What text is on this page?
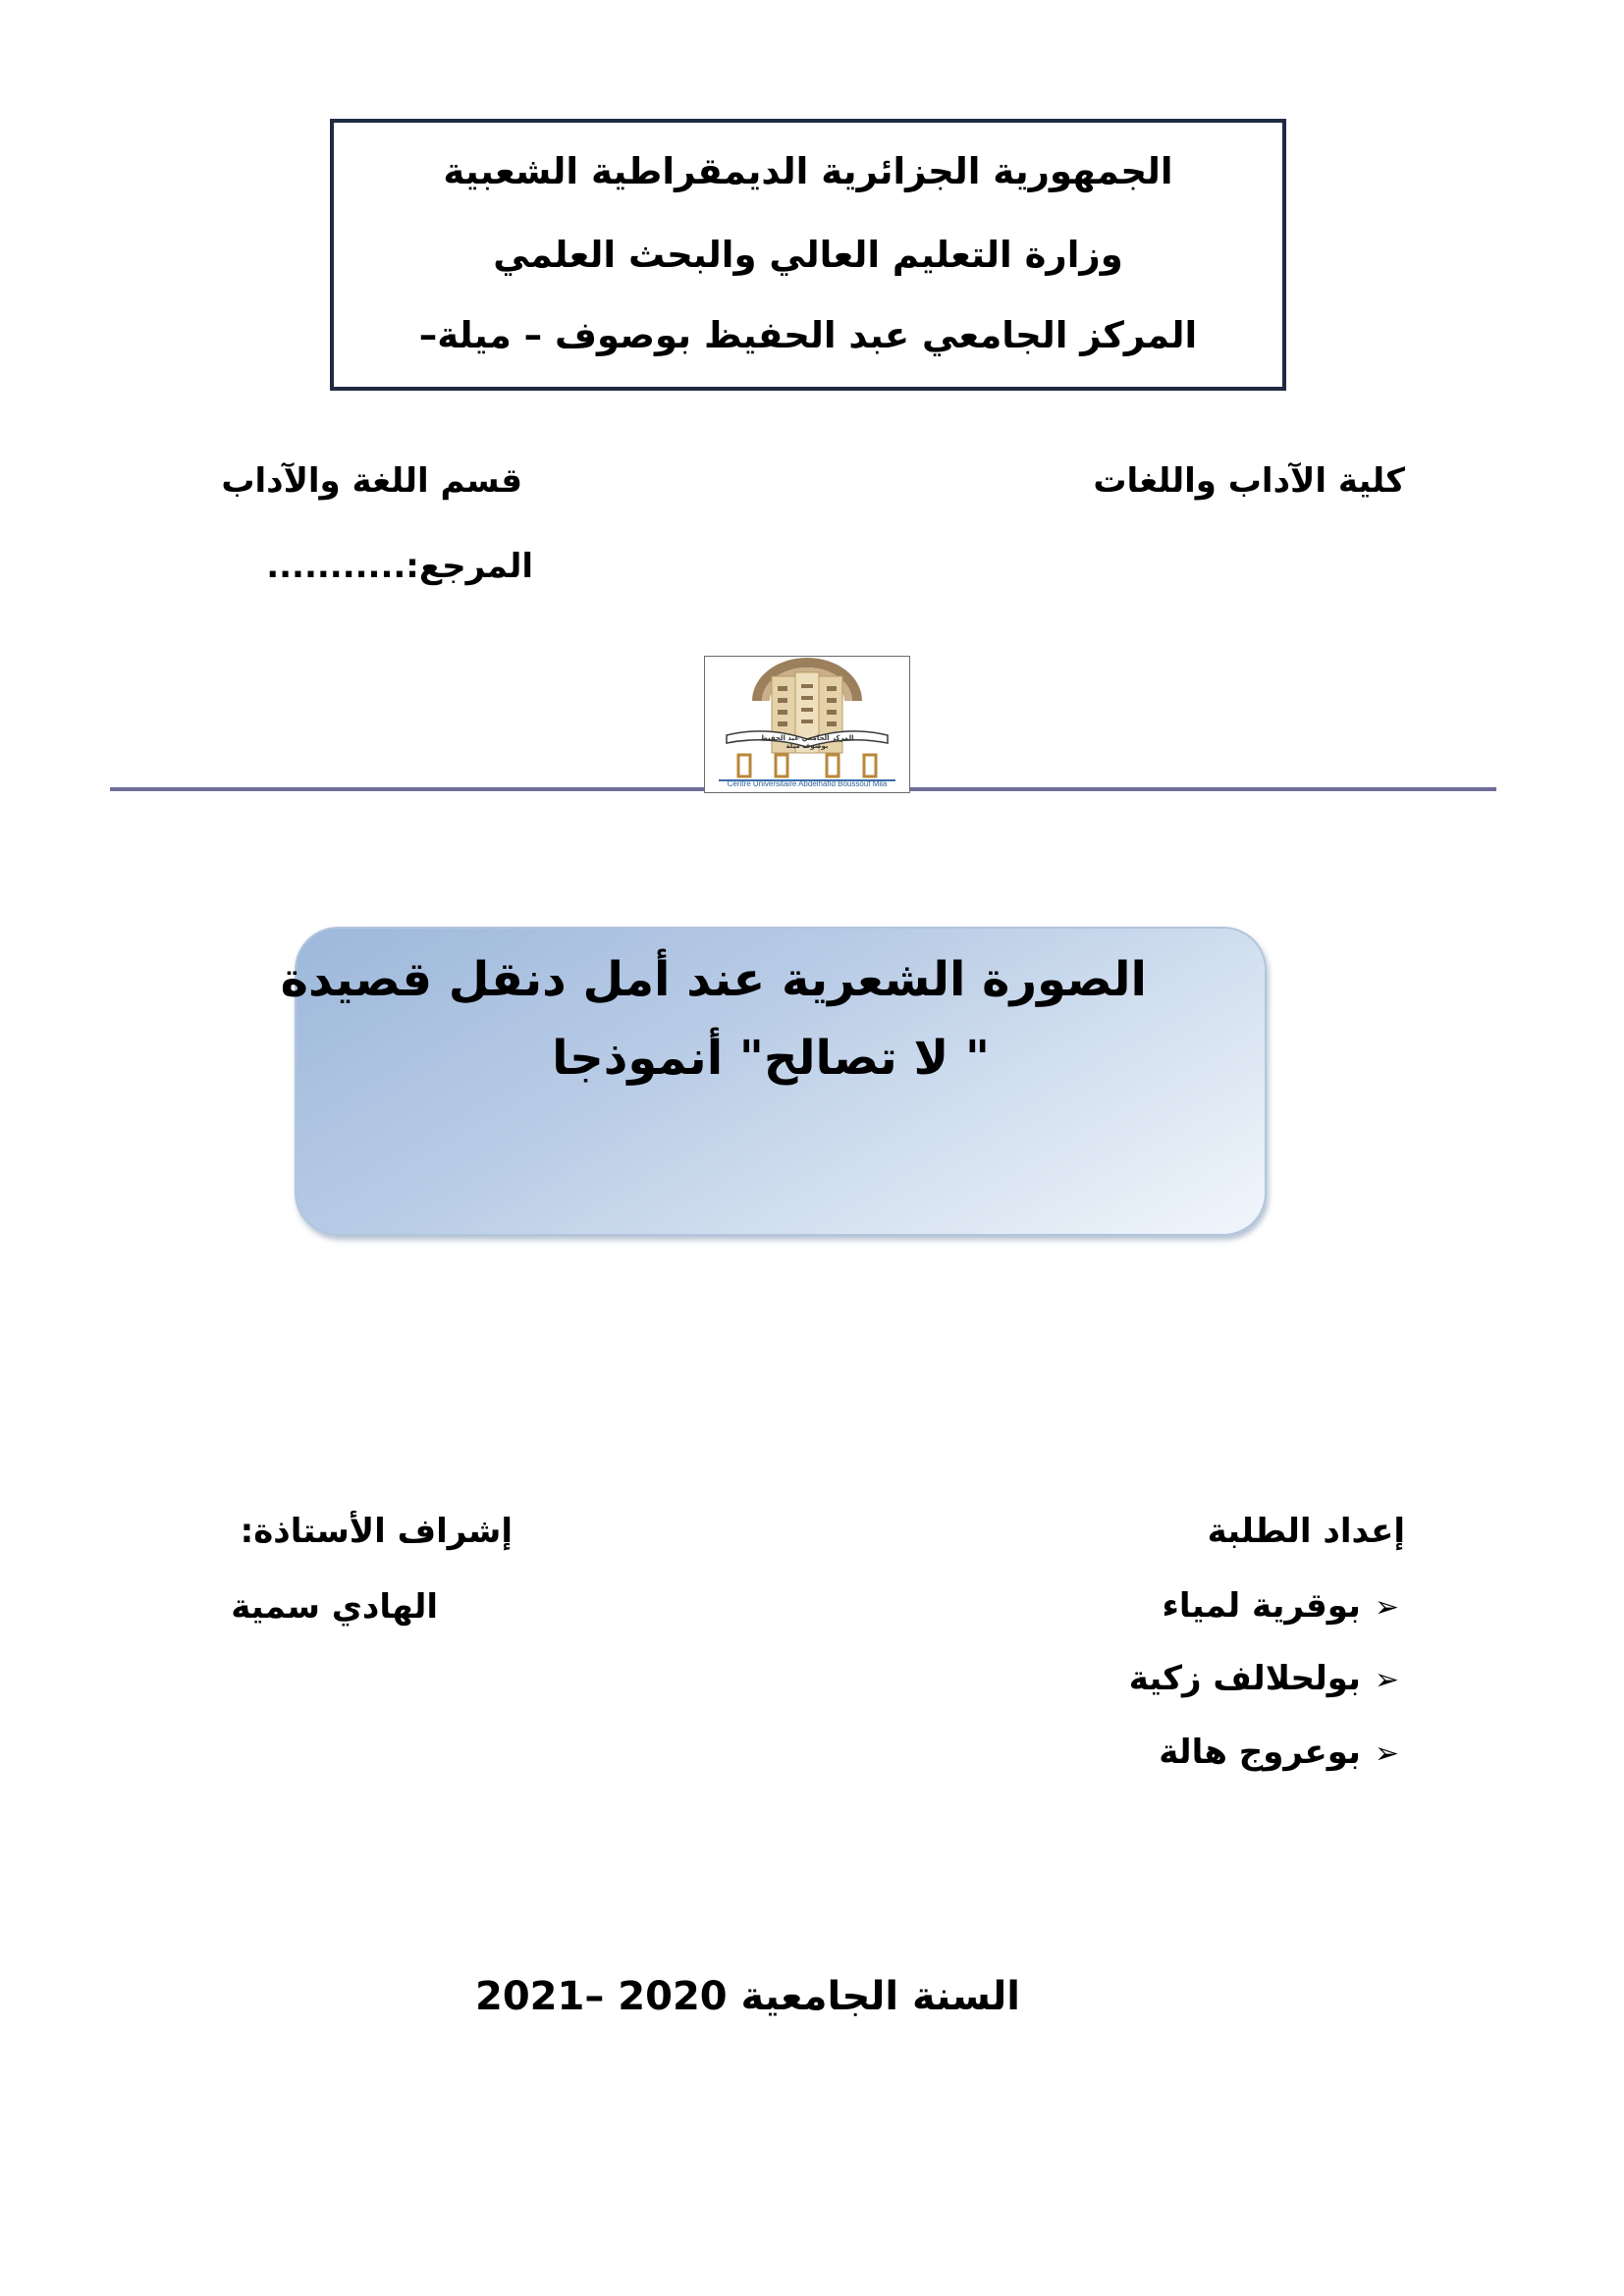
الجمهورية الجزائرية الديمقراطية الشعبية
وزارة التعليم العالي والبحث العلمي
المركز الجامعي عبد الحفيظ بوصوف – ميلة–
كلية الآداب واللغات
قسم اللغة والآداب
المرجع:...........
المركز الجامعي عبد الحفيظ بوصوف ميلة
Centre Universitaire Abdelhafid Boussouf Mila
الصورة الشعرية عند أمل دنقل قصيدة
" لا تصالح" أنموذجا
إعداد الطلبة
➢بوقرية لمياء
➢بولحلالف زكية
➢بوعروج هالة
إشراف الأستاذة:
الهادي سمية
السنة الجامعية 2020 –2021
